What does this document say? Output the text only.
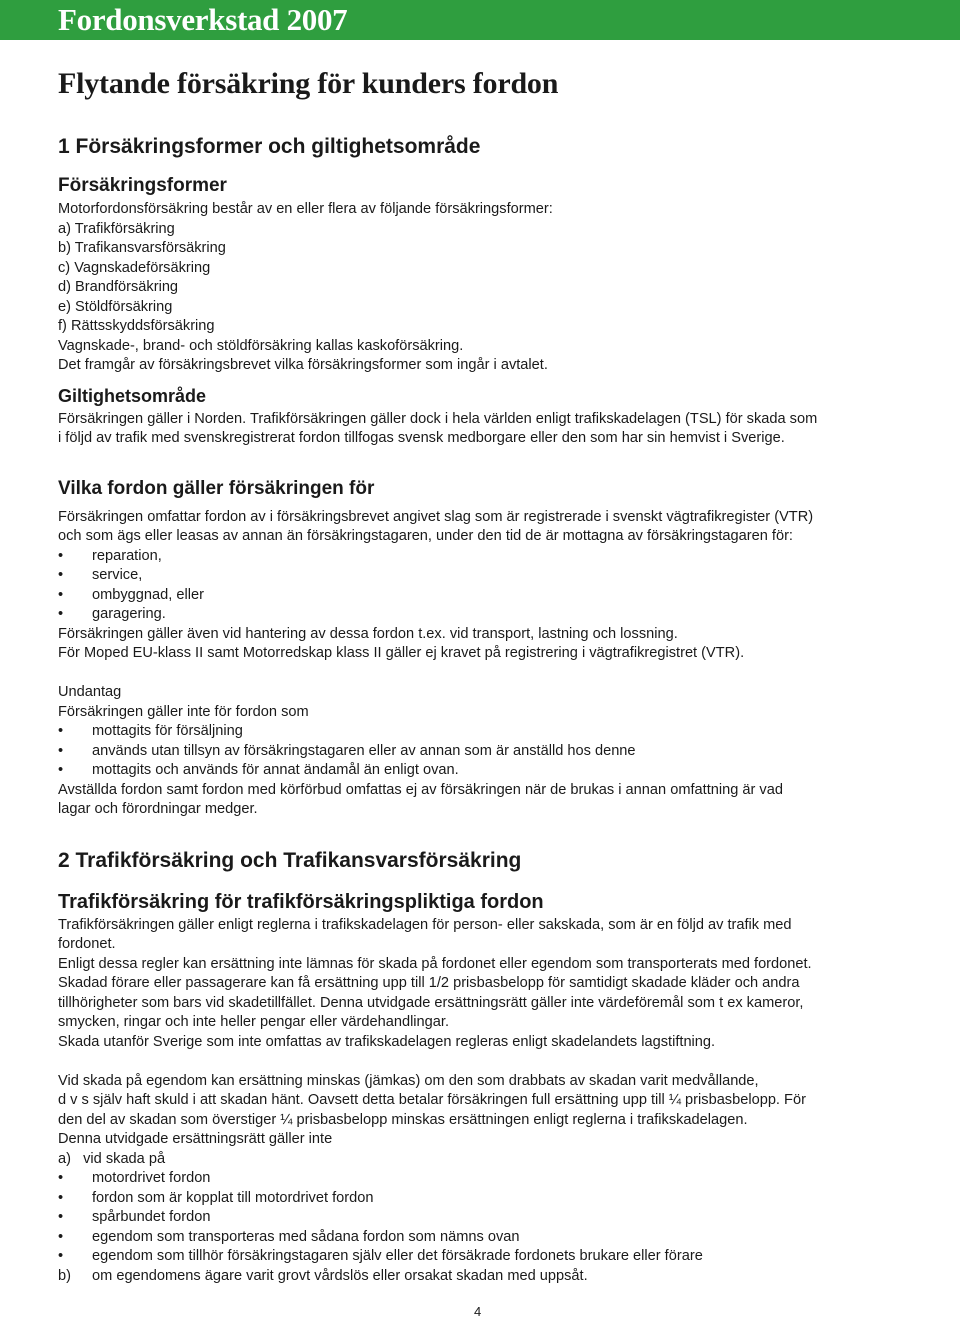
Fordonsverkstad 2007
Flytande försäkring för kunders fordon
1 Försäkringsformer och giltighetsområde
Försäkringsformer

Motorfordonsförsäkring består av en eller flera av följande försäkringsformer:

a) Trafikförsäkring

b) Trafikansvarsförsäkring

c) Vagnskadeförsäkring

d) Brandförsäkring

e) Stöldförsäkring

f) Rättsskyddsförsäkring

Vagnskade-, brand- och stöldförsäkring kallas kaskoförsäkring.

Det framgår av försäkringsbrevet vilka försäkringsformer som ingår i avtalet.

Giltighetsområde

Försäkringen gäller i Norden. Trafikförsäkringen gäller dock i hela världen enligt trafikskadelagen (TSL) för skada som

i följd av trafik med svenskregistrerat fordon tillfogas svensk medborgare eller den som har sin hemvist i Sverige.

Vilka fordon gäller försäkringen för

Försäkringen omfattar fordon av i försäkringsbrevet angivet slag som är registrerade i svenskt vägtrafikregister (VTR)

och som ägs eller leasas av annan än försäkringstagaren, under den tid de är mottagna av försäkringstagaren för:

• reparation,
• service,
• ombyggnad, eller
• garagering.

Försäkringen gäller även vid hantering av dessa fordon t.ex. vid transport, lastning och lossning.

För Moped EU-klass II samt Motorredskap klass II gäller ej kravet på registrering i vägtrafikregistret (VTR).

Undantag

Försäkringen gäller inte för fordon som

• mottagits för försäljning
• används utan tillsyn av försäkringstagaren eller av annan som är anställd hos denne
• mottagits och används för annat ändamål än enligt ovan.

Avställda fordon samt fordon med körförbud omfattas ej av försäkringen när de brukas i annan omfattning är vad

lagar och förordningar medger.

2 Trafikförsäkring och Trafikansvarsförsäkring
Trafikförsäkring för trafikförsäkringspliktiga fordon

Trafikförsäkringen gäller enligt reglerna i trafikskadelagen för person- eller sakskada, som är en följd av trafik med

fordonet.

Enligt dessa regler kan ersättning inte lämnas för skada på fordonet eller egendom som transporterats med fordonet.

Skadad förare eller passagerare kan få ersättning upp till 1/2 prisbasbelopp för samtidigt skadade kläder och andra

tillhörigheter som bars vid skadetillfället. Denna utvidgade ersättningsrätt gäller inte värdeföremål som t ex kameror,

smycken, ringar och inte heller pengar eller värdehandlingar.

Skada utanför Sverige som inte omfattas av trafikskadelagen regleras enligt skadelandets lagstiftning.

Vid skada på egendom kan ersättning minskas (jämkas) om den som drabbats av skadan varit medvållande,

d v s själv haft skuld i att skadan hänt. Oavsett detta betalar försäkringen full ersättning upp till ¼ prisbasbelopp. För

den del av skadan som överstiger ¼ prisbasbelopp minskas ersättningen enligt reglerna i trafikskadelagen.

Denna utvidgade ersättningsrätt gäller inte

a)   vid skada på

• motordrivet fordon
• fordon som är kopplat till motordrivet fordon
• spårbundet fordon
• egendom som transporteras med sådana fordon som nämns ovan
• egendom som tillhör försäkringstagaren själv eller det försäkrade fordonets brukare eller förare

b) om egendomens ägare varit grovt vårdslös eller orsakat skadan med uppsåt.

4
